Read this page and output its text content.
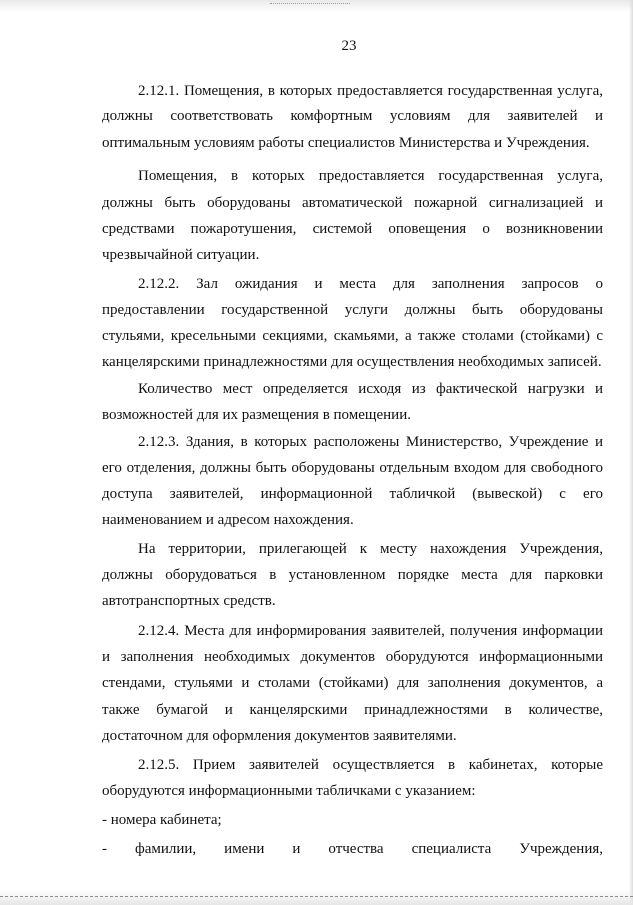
23
2.12.1. Помещения, в которых предоставляется государственная услуга,
должны соответствовать комфортным условиям для заявителей и
оптимальным условиям работы специалистов Министерства и Учреждения.
Помещения, в которых предоставляется государственная услуга,
должны быть оборудованы автоматической пожарной сигнализацией и
средствами пожаротушения, системой оповещения о возникновении
чрезвычайной ситуации.
2.12.2. Зал ожидания и места для заполнения запросов о
предоставлении государственной услуги должны быть оборудованы
стульями, кресельными секциями, скамьями, а также столами (стойками) с
канцелярскими принадлежностями для осуществления необходимых записей.
Количество мест определяется исходя из фактической нагрузки и
возможностей для их размещения в помещении.
2.12.3. Здания, в которых расположены Министерство, Учреждение и
его отделения, должны быть оборудованы отдельным входом для свободного
доступа заявителей, информационной табличкой (вывеской) с его
наименованием и адресом нахождения.
На территории, прилегающей к месту нахождения Учреждения,
должны оборудоваться в установленном порядке места для парковки
автотранспортных средств.
2.12.4. Места для информирования заявителей, получения информации
и заполнения необходимых документов оборудуются информационными
стендами, стульями и столами (стойками) для заполнения документов, а
также бумагой и канцелярскими принадлежностями в количестве,
достаточном для оформления документов заявителями.
2.12.5. Прием заявителей осуществляется в кабинетах, которые
оборудуются информационными табличками с указанием:
- номера кабинета;
- фамилии, имени и отчества специалиста Учреждения,
